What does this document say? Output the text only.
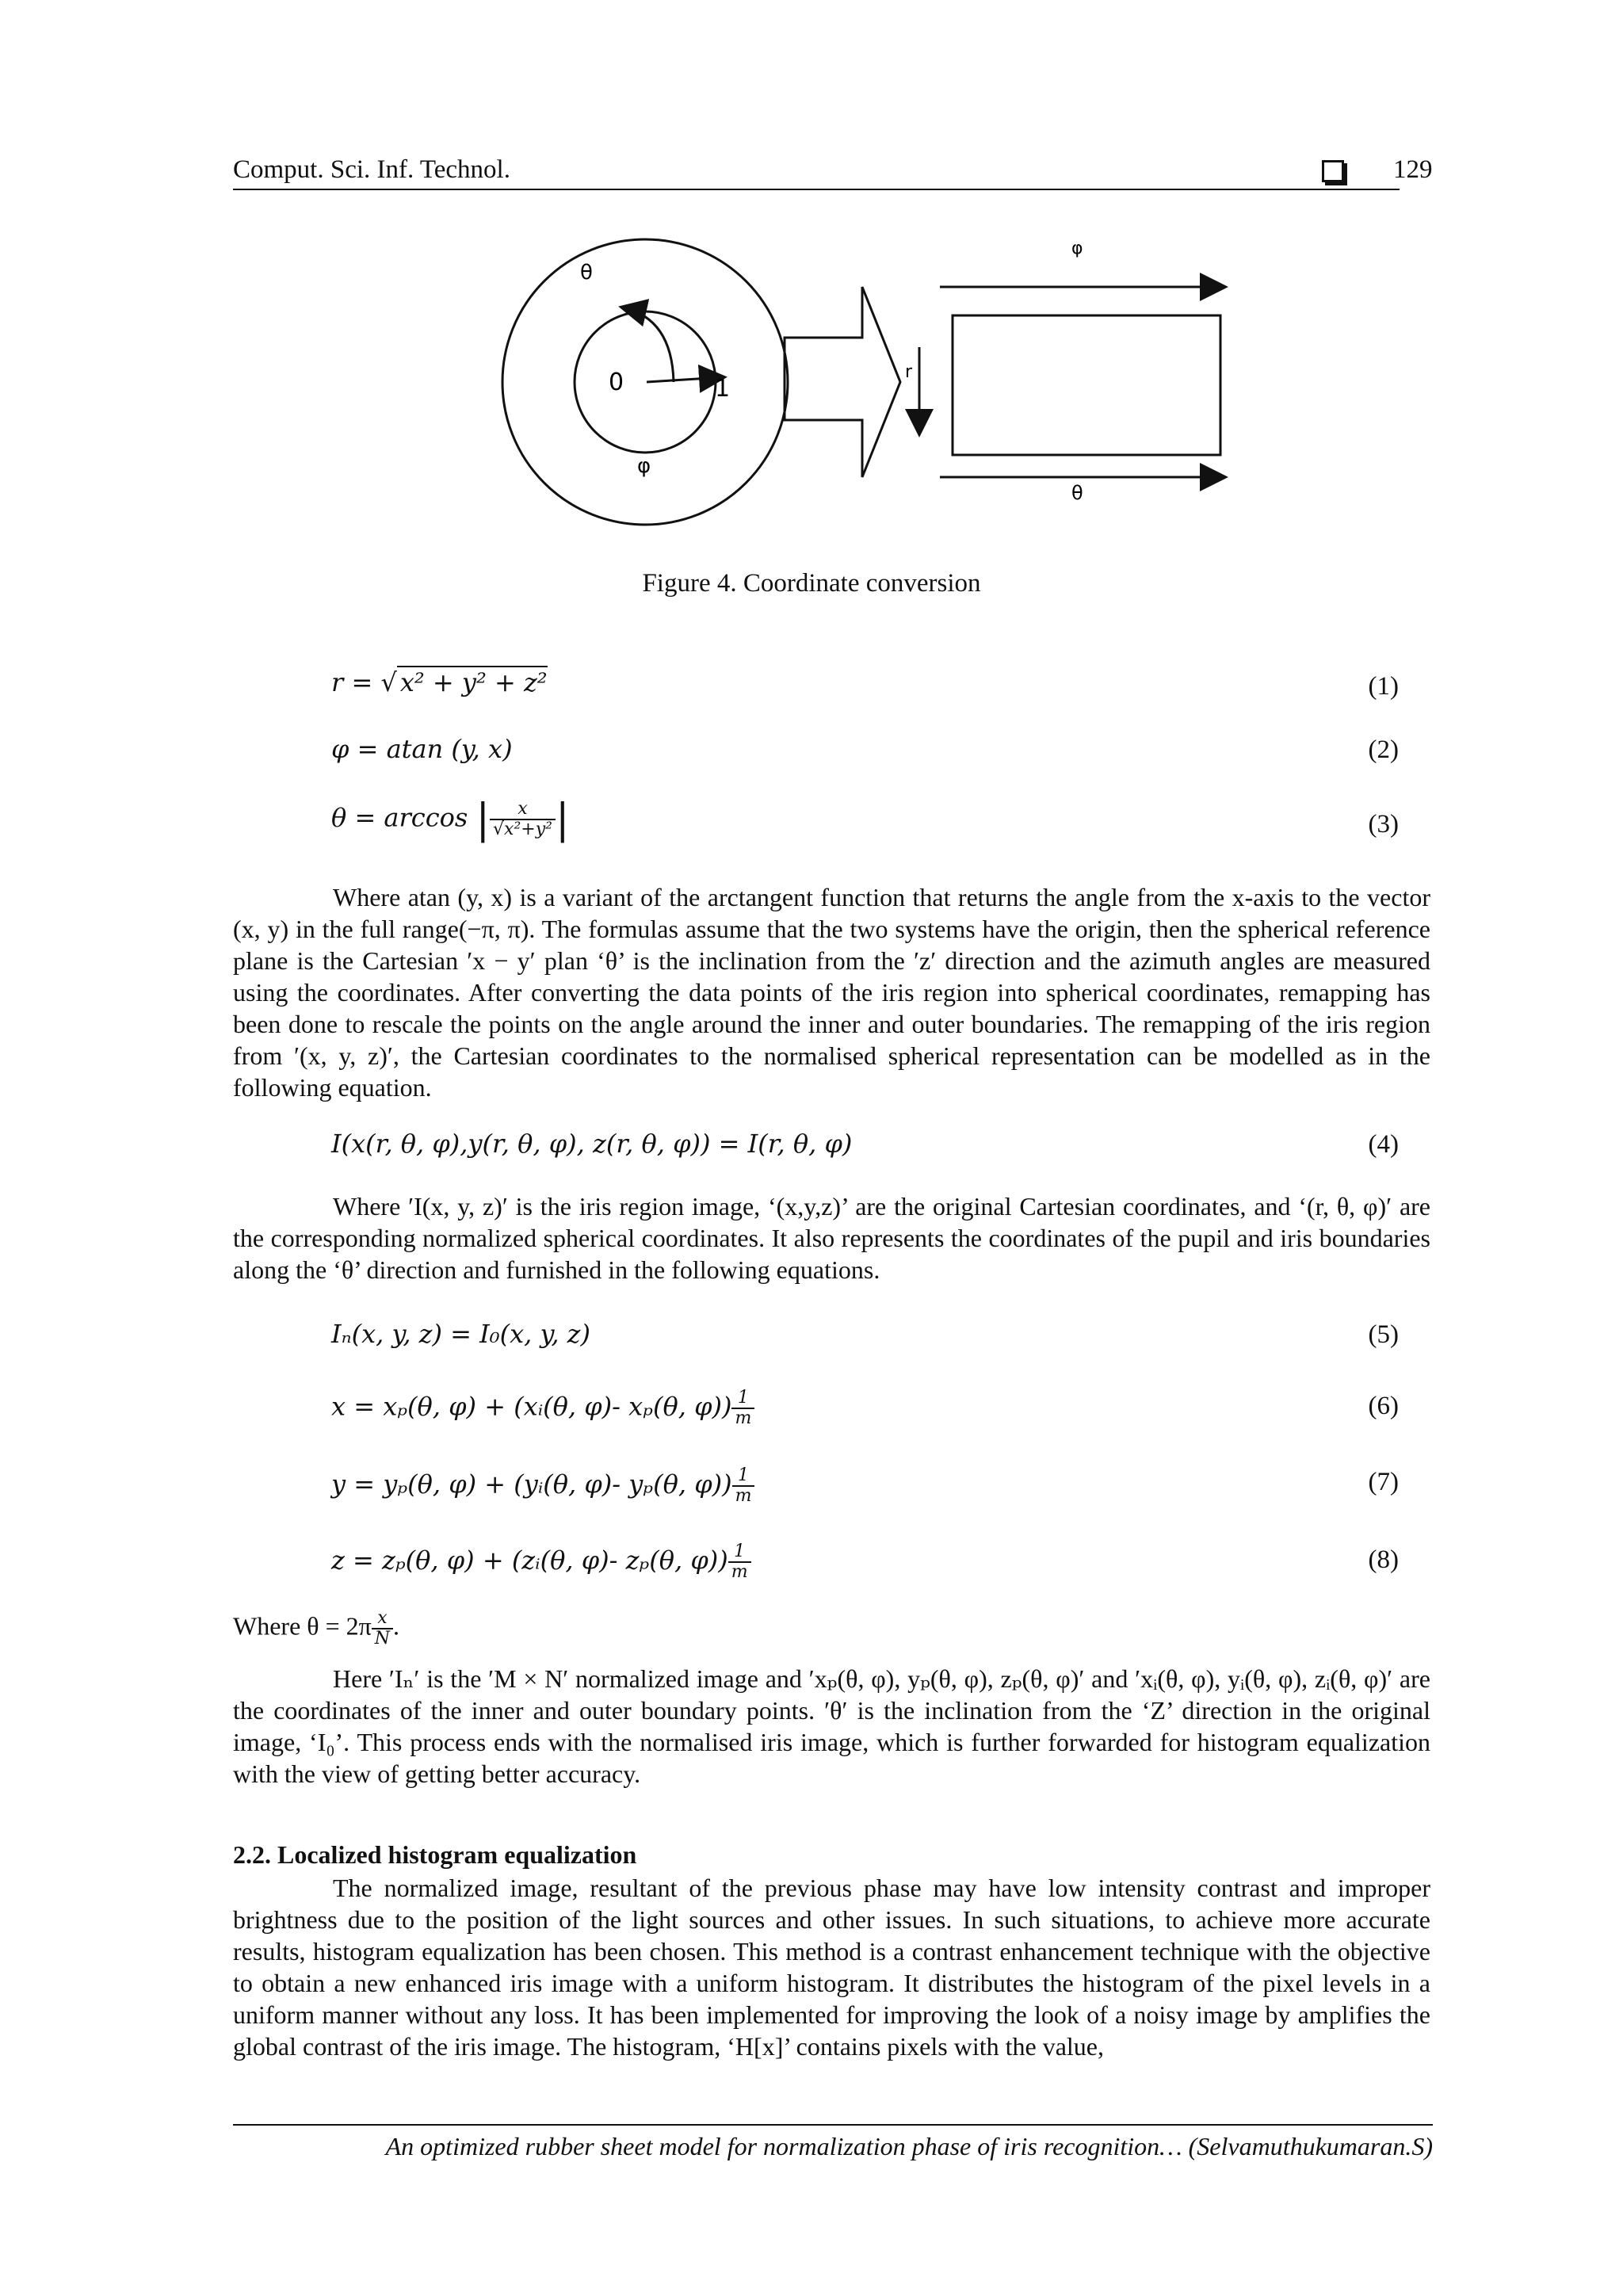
Comput. Sci. Inf. Technol.	129
θ
0	1
φ
r
φ
θ
Figure 4. Coordinate conversion
r = √ x² + y² + z²	(1)
φ = atan (y, x)	(2)
θ = arccos | $\frac{x}{\text{√x²+y²}}$ |	(3)
Where atan (y, x) is a variant of the arctangent function that returns the angle from the x-axis to the vector (x, y) in the full range(−π, π). The formulas assume that the two systems have the origin, then the spherical reference plane is the Cartesian ′x − y′ plan ‘θ’ is the inclination from the ′z′ direction and the azimuth angles are measured using the coordinates. After converting the data points of the iris region into spherical coordinates, remapping has been done to rescale the points on the angle around the inner and outer boundaries. The remapping of the iris region from ′(x, y, z)′, the Cartesian coordinates to the normalised spherical representation can be modelled as in the following equation.
I(x(r, θ, φ),y(r, θ, φ), z(r, θ, φ)) = I(r, θ, φ)	(4)
Where ′I(x, y, z)′ is the iris region image, ‘(x,y,z)’ are the original Cartesian coordinates, and ‘(r, θ, φ)′ are the corresponding normalized spherical coordinates. It also represents the coordinates of the pupil and iris boundaries along the ‘θ’ direction and furnished in the following equations.
Iₙ(x, y, z) = I₀(x, y, z)	(5)
x = xₚ(θ, φ) + (xᵢ(θ, φ)- xₚ(θ, $\varphi)) \frac{1}{m}$	(6)
y = yₚ(θ, φ) + (yᵢ(θ, φ)- yₚ(θ, $\varphi)) \frac{1}{m}$	(7)
z = zₚ(θ, φ) + (zᵢ(θ, φ)- zₚ(θ, $\varphi)) \frac{1}{m}$	(8)
Where $\theta = 2\pi \frac{x}{N}$ .
Here ′Iₙ′ is the ′M × N′ normalized image and ′xₚ(θ, φ), yₚ(θ, φ), zₚ(θ, φ)′ and ′xᵢ(θ, φ), yᵢ(θ, φ), zᵢ(θ, φ)′ are the coordinates of the inner and outer boundary points. ′θ′ is the inclination from the ‘Z’ direction in the original image, ‘I₀’. This process ends with the normalised iris image, which is further forwarded for histogram equalization with the view of getting better accuracy.
2.2. Localized histogram equalization
The normalized image, resultant of the previous phase may have low intensity contrast and improper brightness due to the position of the light sources and other issues. In such situations, to achieve more accurate results, histogram equalization has been chosen. This method is a contrast enhancement technique with the objective to obtain a new enhanced iris image with a uniform histogram. It distributes the histogram of the pixel levels in a uniform manner without any loss. It has been implemented for improving the look of a noisy image by amplifies the global contrast of the iris image. The histogram, ‘H[x]’ contains pixels with the value,
An optimized rubber sheet model for normalization phase of iris recognition… (Selvamuthukumaran.S)
